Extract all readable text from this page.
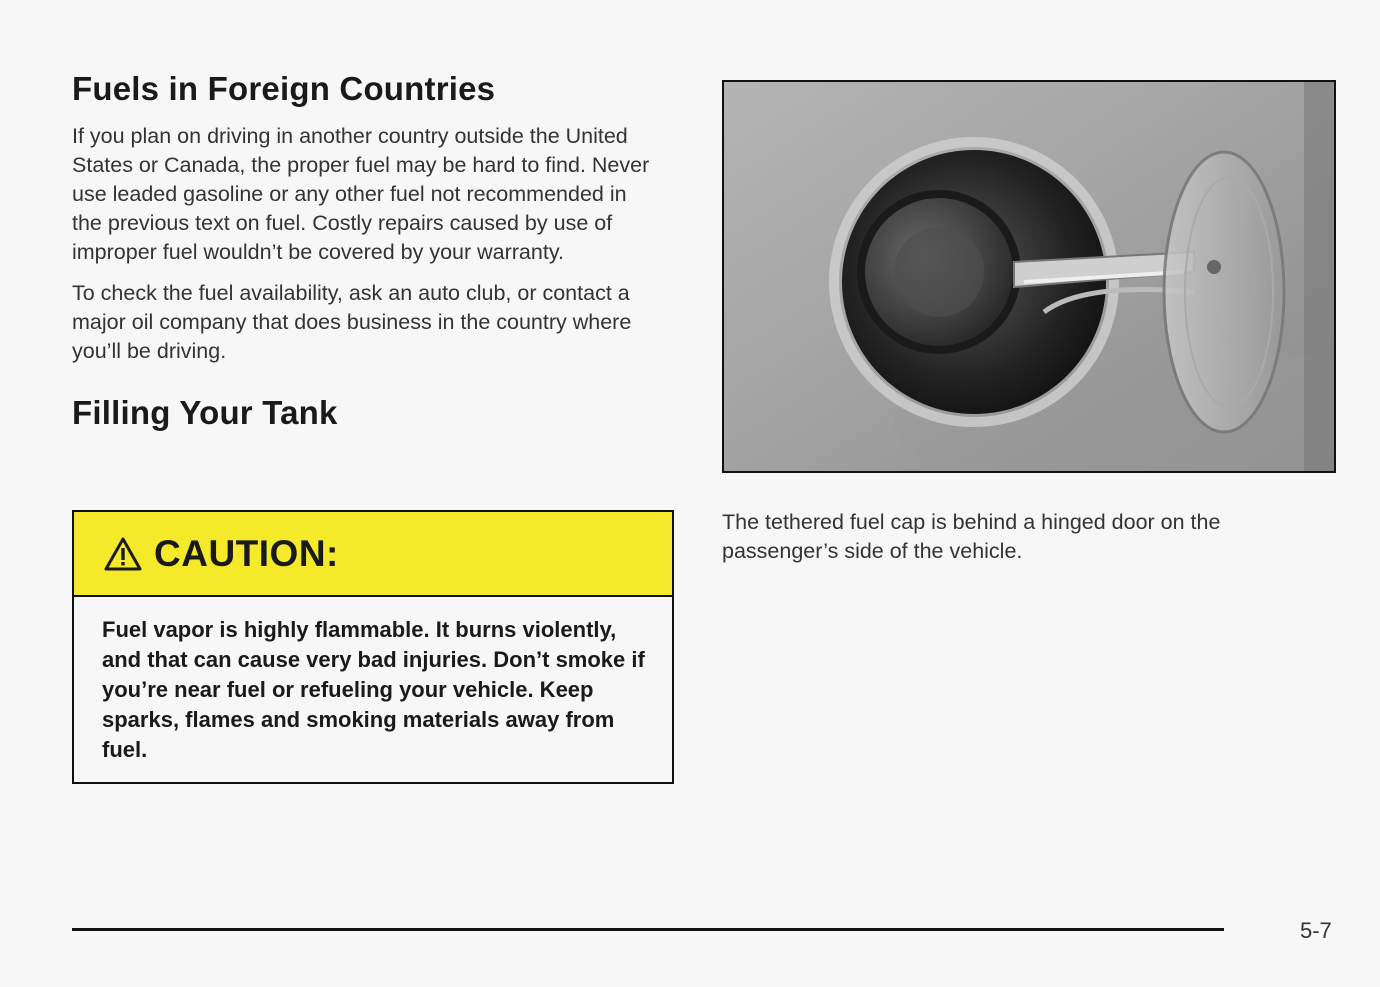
Fuels in Foreign Countries

If you plan on driving in another country outside the United States or Canada, the proper fuel may be hard to find. Never use leaded gasoline or any other fuel not recommended in the previous text on fuel. Costly repairs caused by use of improper fuel wouldn’t be covered by your warranty.

To check the fuel availability, ask an auto club, or contact a major oil company that does business in the country where you’ll be driving.

Filling Your Tank
CAUTION:
Fuel vapor is highly flammable. It burns violently, and that can cause very bad injuries. Don’t smoke if you’re near fuel or refueling your vehicle. Keep sparks, flames and smoking materials away from fuel.

The tethered fuel cap is behind a hinged door on the passenger’s side of the vehicle.

5-7
